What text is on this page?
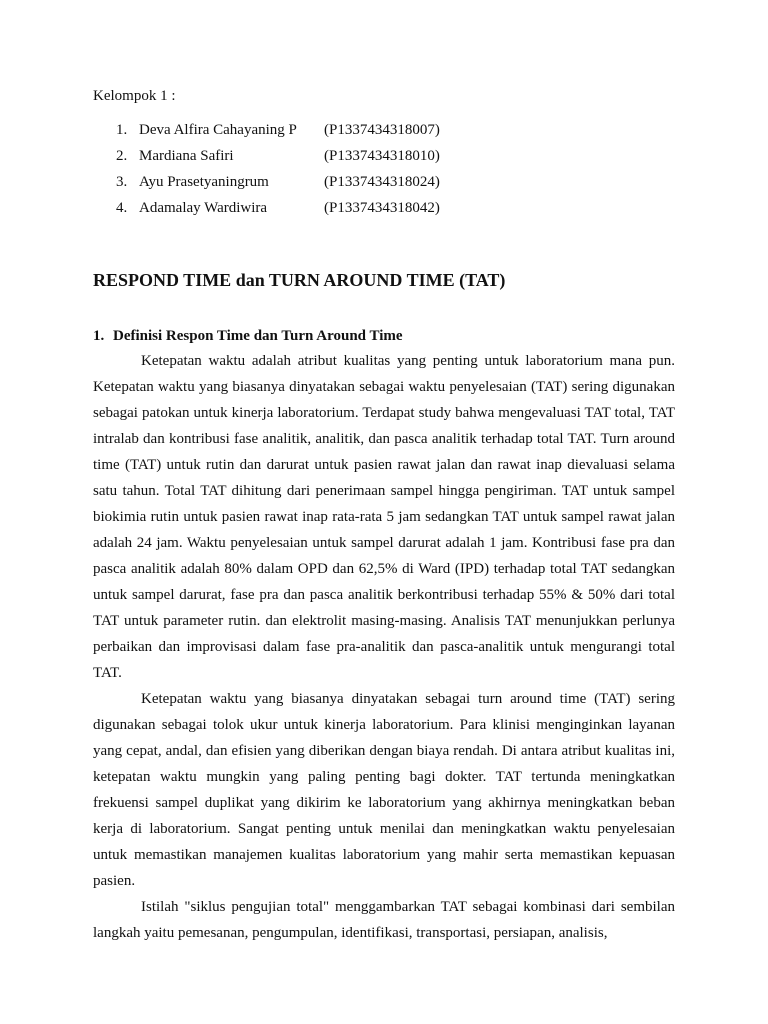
Kelompok 1 :
1. Deva Alfira Cahayaning P (P1337434318007)
2. Mardiana Safiri	(P1337434318010)
3. Ayu Prasetyaningrum	(P1337434318024)
4. Adamalay Wardiwira	(P1337434318042)
RESPOND TIME dan TURN AROUND TIME (TAT)
1. Definisi Respon Time dan Turn Around Time

Ketepatan waktu adalah atribut kualitas yang penting untuk laboratorium mana pun. Ketepatan waktu yang biasanya dinyatakan sebagai waktu penyelesaian (TAT) sering digunakan sebagai patokan untuk kinerja laboratorium. Terdapat study bahwa mengevaluasi TAT total, TAT intralab dan kontribusi fase analitik, analitik, dan pasca analitik terhadap total TAT. Turn around time (TAT) untuk rutin dan darurat untuk pasien rawat jalan dan rawat inap dievaluasi selama satu tahun. Total TAT dihitung dari penerimaan sampel hingga pengiriman. TAT untuk sampel biokimia rutin untuk pasien rawat inap rata-rata 5 jam sedangkan TAT untuk sampel rawat jalan adalah 24 jam. Waktu penyelesaian untuk sampel darurat adalah 1 jam. Kontribusi fase pra dan pasca analitik adalah 80% dalam OPD dan 62,5% di Ward (IPD) terhadap total TAT sedangkan untuk sampel darurat, fase pra dan pasca analitik berkontribusi terhadap 55% & 50% dari total TAT untuk parameter rutin. dan elektrolit masing-masing. Analisis TAT menunjukkan perlunya perbaikan dan improvisasi dalam fase pra-analitik dan pasca-analitik untuk mengurangi total TAT.

Ketepatan waktu yang biasanya dinyatakan sebagai turn around time (TAT) sering digunakan sebagai tolok ukur untuk kinerja laboratorium. Para klinisi menginginkan layanan yang cepat, andal, dan efisien yang diberikan dengan biaya rendah. Di antara atribut kualitas ini, ketepatan waktu mungkin yang paling penting bagi dokter. TAT tertunda meningkatkan frekuensi sampel duplikat yang dikirim ke laboratorium yang akhirnya meningkatkan beban kerja di laboratorium. Sangat penting untuk menilai dan meningkatkan waktu penyelesaian untuk memastikan manajemen kualitas laboratorium yang mahir serta memastikan kepuasan pasien.

Istilah "siklus pengujian total" menggambarkan TAT sebagai kombinasi dari sembilan langkah yaitu pemesanan, pengumpulan, identifikasi, transportasi, persiapan, analisis,
